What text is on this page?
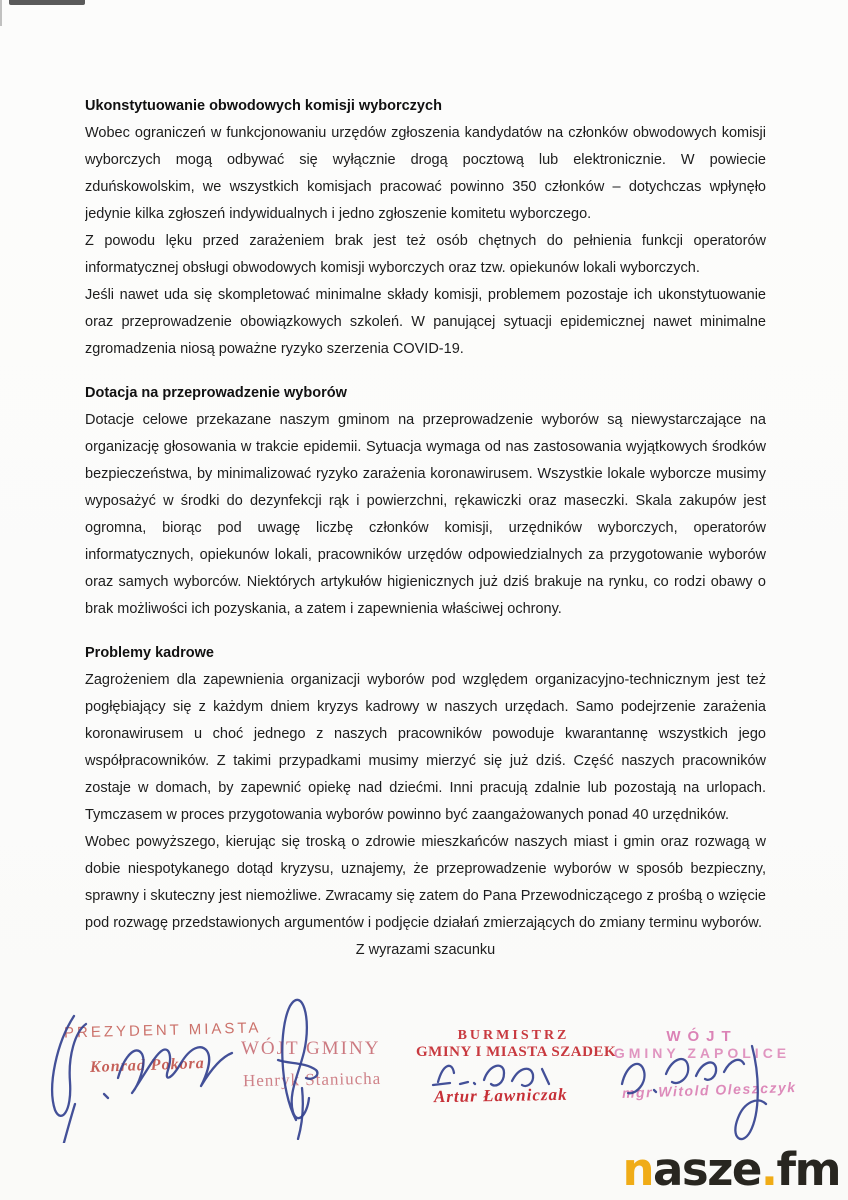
Ukonstytuowanie obwodowych komisji wyborczych

Wobec ograniczeń w funkcjonowaniu urzędów zgłoszenia kandydatów na członków obwodowych komisji wyborczych mogą odbywać się wyłącznie drogą pocztową lub elektronicznie. W powiecie zduńskowolskim, we wszystkich komisjach pracować powinno 350 członków – dotychczas wpłynęło jedynie kilka zgłoszeń indywidualnych i jedno zgłoszenie komitetu wyborczego.

Z powodu lęku przed zarażeniem brak jest też osób chętnych do pełnienia funkcji operatorów informatycznej obsługi obwodowych komisji wyborczych oraz tzw. opiekunów lokali wyborczych.

Jeśli nawet uda się skompletować minimalne składy komisji, problemem pozostaje ich ukonstytuowanie oraz przeprowadzenie obowiązkowych szkoleń. W panującej sytuacji epidemicznej nawet minimalne zgromadzenia niosą poważne ryzyko szerzenia COVID-19.

Dotacja na przeprowadzenie wyborów

Dotacje celowe przekazane naszym gminom na przeprowadzenie wyborów są niewystarczające na organizację głosowania w trakcie epidemii. Sytuacja wymaga od nas zastosowania wyjątkowych środków bezpieczeństwa, by minimalizować ryzyko zarażenia koronawirusem. Wszystkie lokale wyborcze musimy wyposażyć w środki do dezynfekcji rąk i powierzchni, rękawiczki oraz maseczki. Skala zakupów jest ogromna, biorąc pod uwagę liczbę członków komisji, urzędników wyborczych, operatorów informatycznych, opiekunów lokali, pracowników urzędów odpowiedzialnych za przygotowanie wyborów oraz samych wyborców. Niektórych artykułów higienicznych już dziś brakuje na rynku, co rodzi obawy o brak możliwości ich pozyskania, a zatem i zapewnienia właściwej ochrony.

Problemy kadrowe

Zagrożeniem dla zapewnienia organizacji wyborów pod względem organizacyjno-technicznym jest też pogłębiający się z każdym dniem kryzys kadrowy w naszych urzędach. Samo podejrzenie zarażenia koronawirusem u choć jednego z naszych pracowników powoduje kwarantannę wszystkich jego współpracowników. Z takimi przypadkami musimy mierzyć się już dziś. Część naszych pracowników zostaje w domach, by zapewnić opiekę nad dziećmi. Inni pracują zdalnie lub pozostają na urlopach. Tymczasem w proces przygotowania wyborów powinno być zaangażowanych ponad 40 urzędników.

Wobec powyższego, kierując się troską o zdrowie mieszkańców naszych miast i gmin oraz rozwagą w dobie niespotykanego dotąd kryzysu, uznajemy, że przeprowadzenie wyborów w sposób bezpieczny, sprawny i skuteczny jest niemożliwe. Zwracamy się zatem do Pana Przewodniczącego z prośbą o wzięcie pod rozwagę przedstawionych argumentów i podjęcie działań zmierzających do zmiany terminu wyborów.

Z wyrazami szacunku

PREZYDENT MIASTA
Konrad Pokora
WÓJT GMINY
Henryk Staniucha
BURMISTRZ
GMINY I MIASTA SZADEK
Artur Ławniczak
WÓJT
GMINY ZAPOLICE
mgr Witold Oleszczyk
nasze.fm
